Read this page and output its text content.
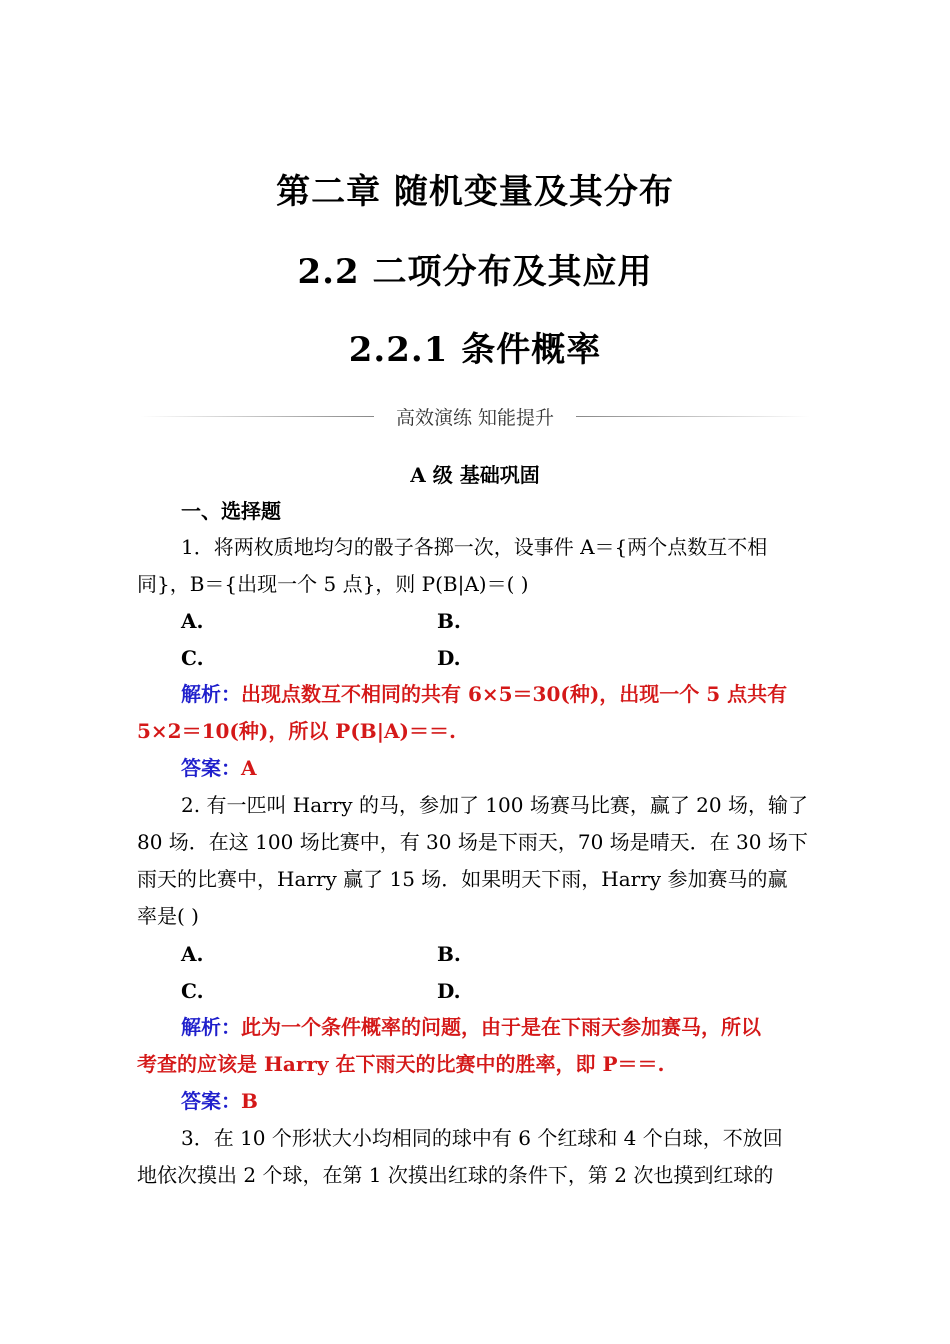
第二章 随机变量及其分布
2.2 二项分布及其应用
2.2.1 条件概率
高效演练 知能提升
A 级 基础巩固
一、选择题
1．将两枚质地均匀的骰子各掷一次，设事件 A＝{两个点数互不相
同}，B＝{出现一个 5 点}，则 P(B|A)＝( )
A.	B.
C.	D.
解析：出现点数互不相同的共有 6×5＝30(种)，出现一个 5 点共有
5×2＝10(种)，所以 P(B|A)＝＝.
答案：A
2. 有一匹叫 Harry 的马，参加了 100 场赛马比赛，赢了 20 场，输了
80 场．在这 100 场比赛中，有 30 场是下雨天，70 场是晴天．在 30 场下
雨天的比赛中，Harry 赢了 15 场．如果明天下雨，Harry 参加赛马的赢
率是( )
A.	B.
C.	D.
解析：此为一个条件概率的问题，由于是在下雨天参加赛马，所以
考查的应该是 Harry 在下雨天的比赛中的胜率，即 P＝＝.
答案：B
3．在 10 个形状大小均相同的球中有 6 个红球和 4 个白球，不放回
地依次摸出 2 个球，在第 1 次摸出红球的条件下，第 2 次也摸到红球的
